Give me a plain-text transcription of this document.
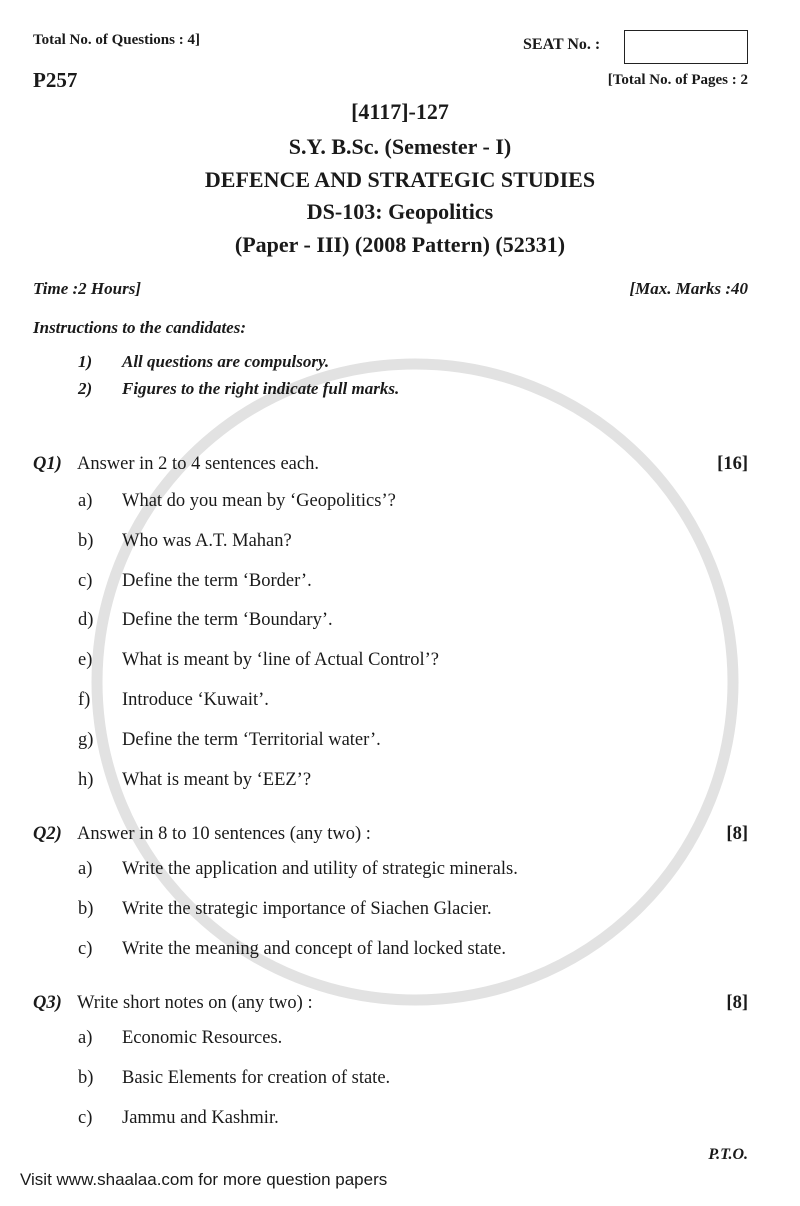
Total No. of Questions : 4]	SEAT No. :
P257	[Total No. of Pages : 2
[4117]-127
S.Y. B.Sc. (Semester - I)
DEFENCE AND STRATEGIC STUDIES
DS-103: Geopolitics
(Paper - III) (2008 Pattern) (52331)
Time :2 Hours]	[Max. Marks :40
Instructions to the candidates:
1) All questions are compulsory.
2) Figures to the right indicate full marks.
Q1) Answer in 2 to 4 sentences each.	[16]
a) What do you mean by ‘Geopolitics’?
b) Who was A.T. Mahan?
c) Define the term ‘Border’.
d) Define the term ‘Boundary’.
e) What is meant by ‘line of Actual Control’?
f) Introduce ‘Kuwait’.
g) Define the term ‘Territorial water’.
h) What is meant by ‘EEZ’?
Q2) Answer in 8 to 10 sentences (any two) :	[8]
a) Write the application and utility of strategic minerals.
b) Write the strategic importance of Siachen Glacier.
c) Write the meaning and concept of land locked state.
Q3) Write short notes on (any two) :	[8]
a) Economic Resources.
b) Basic Elements for creation of state.
c) Jammu and Kashmir.
P.T.O.
Visit www.shaalaa.com for more question papers
